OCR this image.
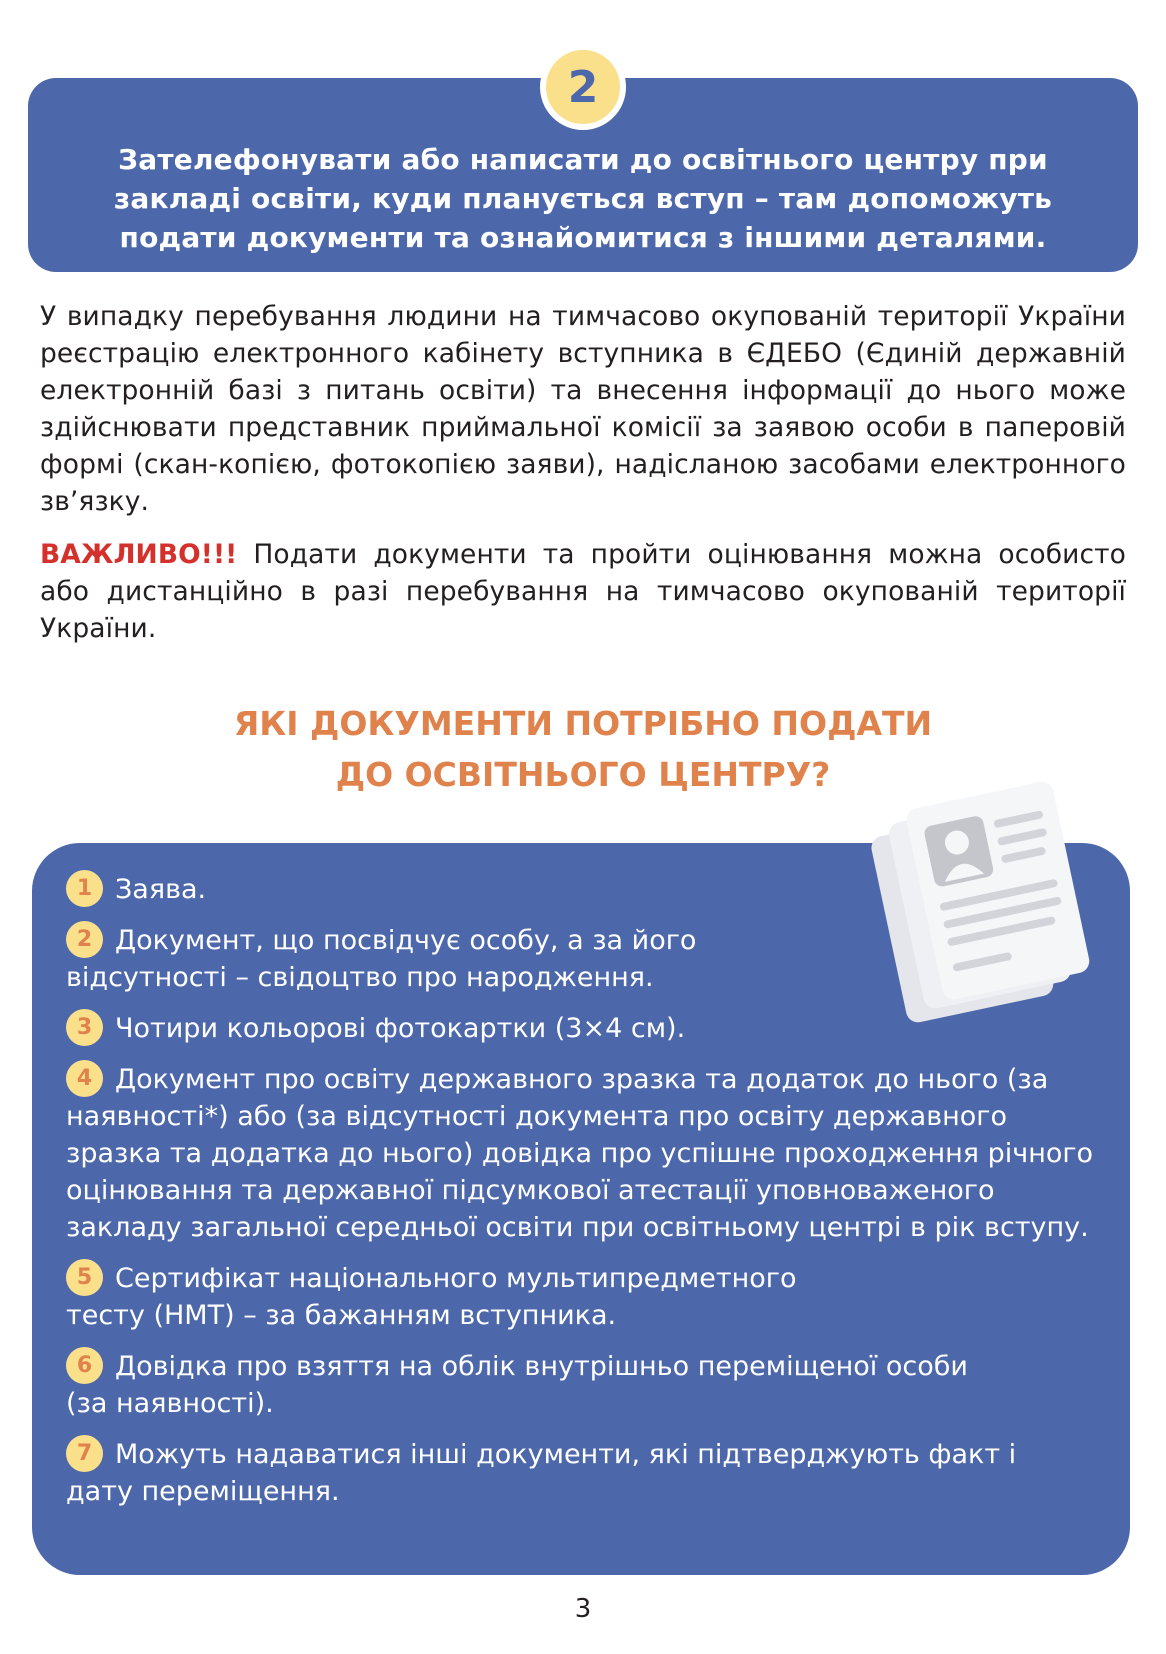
Зателефонувати або написати до освітнього центру при закладі освіти, куди планується вступ – там допоможуть подати документи та ознайомитися з іншими деталями.

2

У випадку перебування людини на тимчасово окупованій території України реєстрацію електронного кабінету вступника в ЄДЕБО (Єдиній державній електронній базі з питань освіти) та внесення інформації до нього може здійснювати представник приймальної комісії за заявою особи в паперовій формі (скан-копією, фотокопією заяви), надісланою засобами електронного зв’язку.

ВАЖЛИВО!!! Подати документи та пройти оцінювання можна особисто або дистанційно в разі перебування на тимчасово окупованій території України.

ЯКІ ДОКУМЕНТИ ПОТРІБНО ПОДАТИ
ДО ОСВІТНЬОГО ЦЕНТРУ?
1 Заява.
2 Документ, що посвідчує особу, а за його відсутності – свідоцтво про народження.
3 Чотири кольорові фотокартки (3×4 см).
4 Документ про освіту державного зразка та додаток до нього (за наявності*) або (за відсутності документа про освіту державного зразка та додатка до нього) довідка про успішне проходження річного оцінювання та державної підсумкової атестації уповноваженого закладу загальної середньої освіти при освітньому центрі в рік вступу.
5 Сертифікат національного мультипредметного тесту (НМТ) – за бажанням вступника.
6 Довідка про взяття на облік внутрішньо переміщеної особи (за наявності).
7 Можуть надаватися інші документи, які підтверджують факт і дату переміщення.

3
